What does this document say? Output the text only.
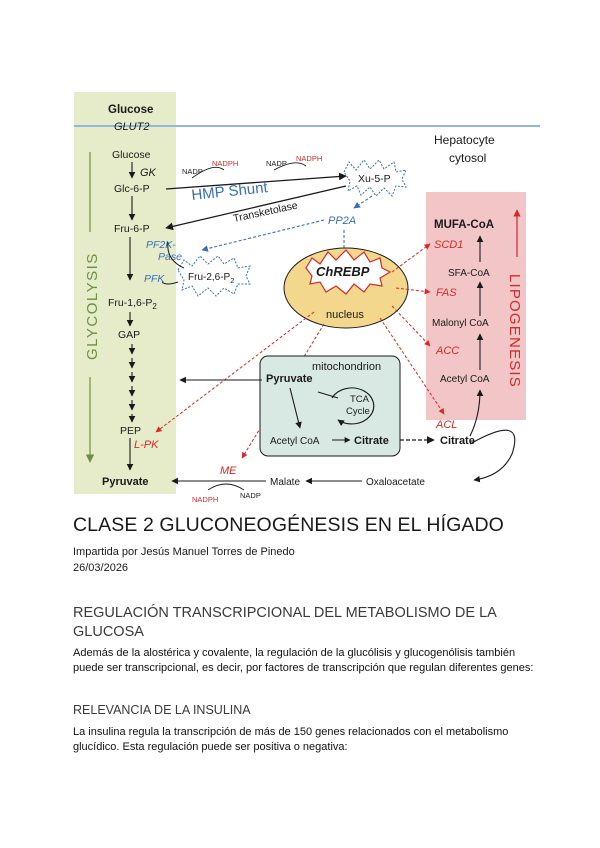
Glucose
GLUT2
Hepatocyte
cytosol
GLYCOLYSIS	LIPOGENESIS
Glucose
GK
Glc-6-P
Fru-6-P
PF2K-
Pase
PFK
Fru-$1,6-P_2$
GAP
PEP
L-PK
Pyruvate
NADP
NADPH	NADP
NADPH
HMP Shunt
Transketolase
Xu-5-P
PP2A
Fru-$2,6-P_2$
ChREBP
nucleus
mitochondrion
Pyruvate
TCA
Cycle
Acetyl CoA	Citrate	Citrate
MUFA-CoA
SCD1
SFA-CoA
FAS
Malonyl CoA
ACC
Acetyl CoA
ACL
Oxaloacetate
Malate
ME
NADPH	NADP
CLASE 2 GLUCONEOGÉNESIS EN EL HÍGADO
Impartida por Jesús Manuel Torres de Pinedo
26/03/2026
REGULACIÓN TRANSCRIPCIONAL DEL METABOLISMO DE LA GLUCOSA
Además de la alostérica y covalente, la regulación de la glucólisis y glucogenólisis también puede ser transcripcional, es decir, por factores de transcripción que regulan diferentes genes:
RELEVANCIA DE LA INSULINA
La insulina regula la transcripción de más de 150 genes relacionados con el metabolismo glucídico. Esta regulación puede ser positiva o negativa:
